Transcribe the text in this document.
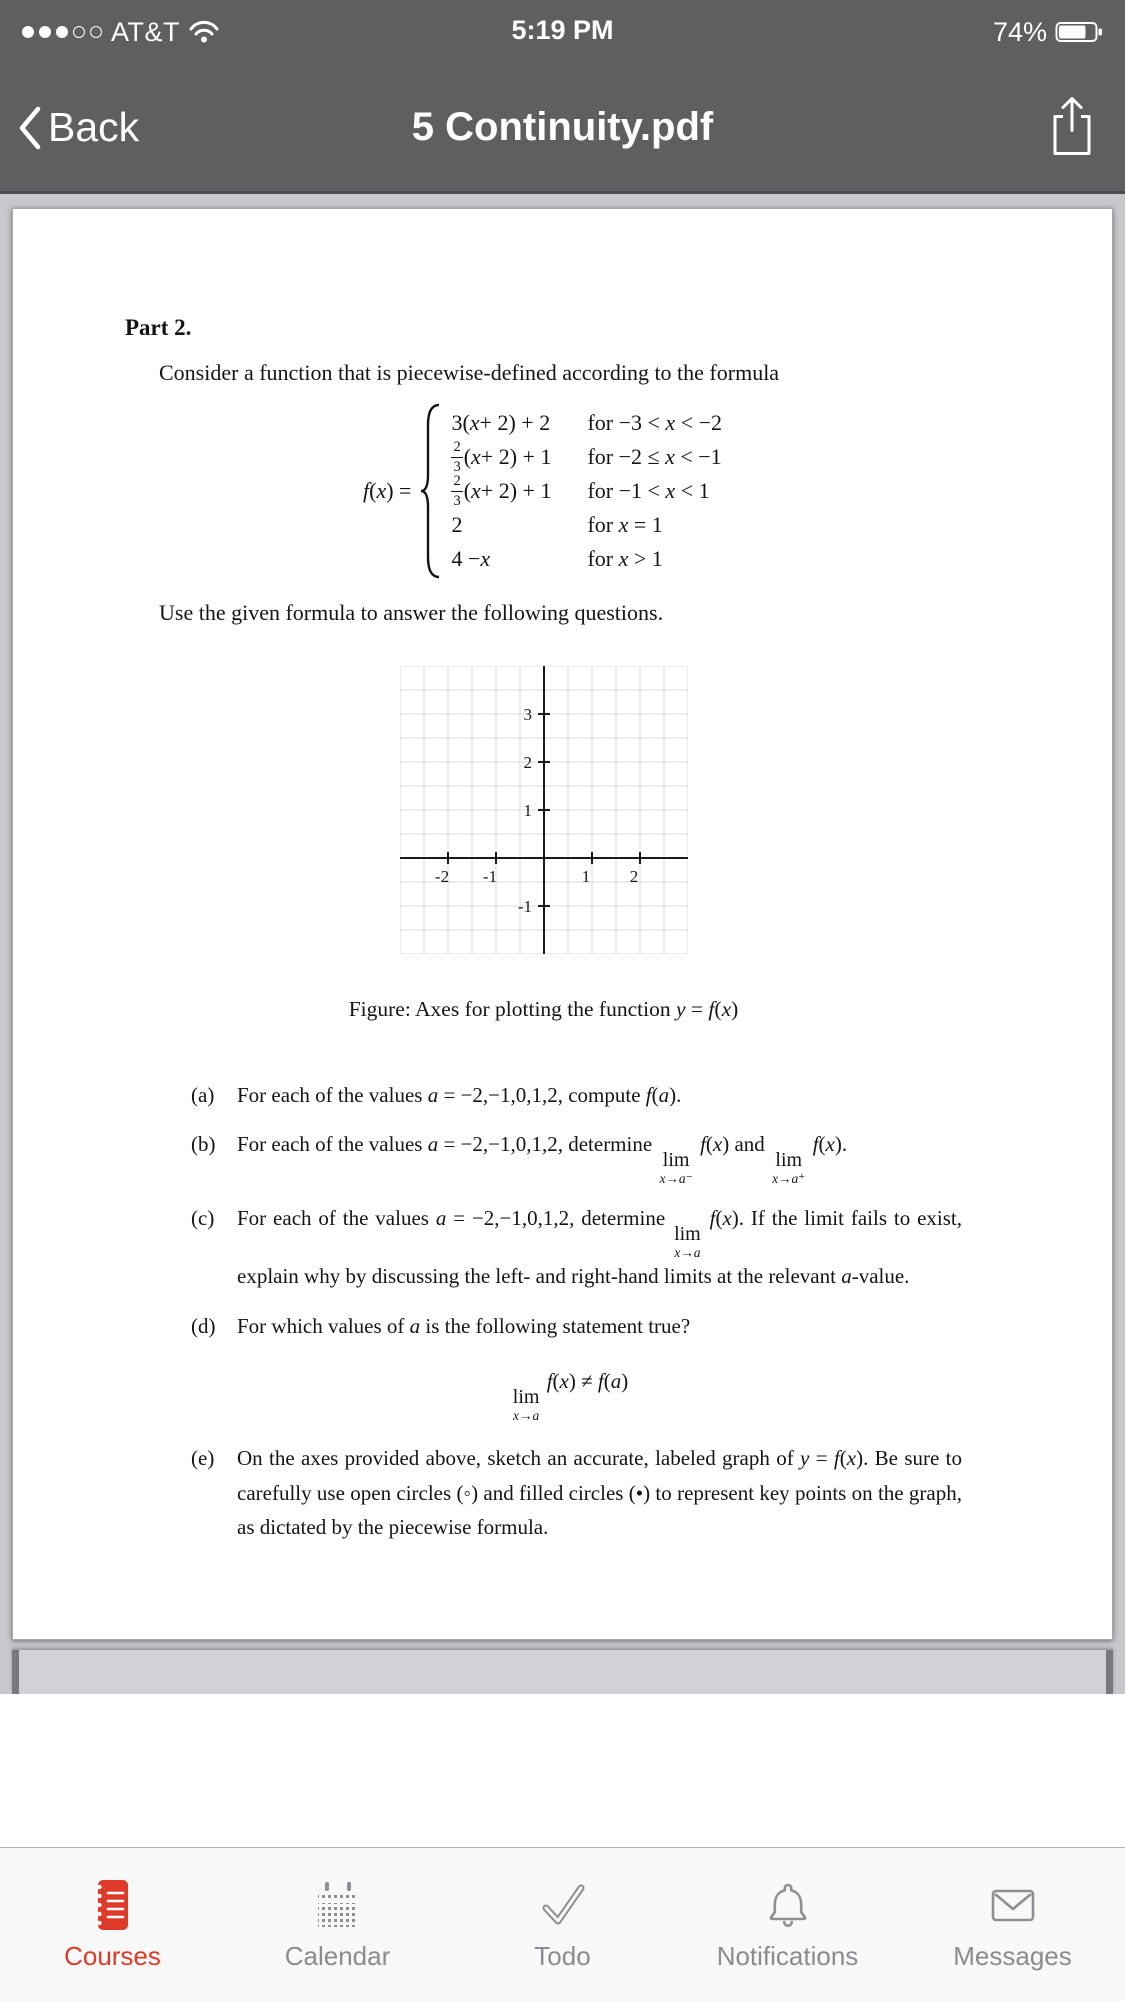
AT&T	5:19 PM	74%
Back	5 Continuity.pdf
Part 2.

Consider a function that is piecewise-defined according to the formula

f(x) =
3( x + 2) + 2	for −3 < x < −2
$\frac{2}{3}$ ( x + 2) + 1	for −2 ≤ x < −1
$\frac{2}{3}$ ( x + 2) + 1	for −1 < x < 1
2	for x = 1
4 − x	for x > 1

Use the given formula to answer the following questions.

-2 -1	1 2
3
2
1
-1
Figure: Axes for plotting the function y = f(x)
(a)	For each of the values a = −2,−1,0,1,2, compute f(a).
(b)	For each of the values a = −2,−1,0,1,2, determine
lim
x→a⁻
f(x) and
lim
x→a⁺
f(x).
(c)	For each of the values a = −2,−1,0,1,2, determine
lim
x→a
f(x). If the limit fails to exist, explain why by discussing the left- and right-hand limits at the relevant a-value.
(d)	For which values of a is the following statement true?
lim
x→a
f(x) ≠ f(a)
(e)	On the axes provided above, sketch an accurate, labeled graph of y = f(x). Be sure to carefully use open circles (◦) and filled circles (•) to represent key points on the graph, as dictated by the piecewise formula.
Courses	Calendar	Todo	Notifications	Messages
